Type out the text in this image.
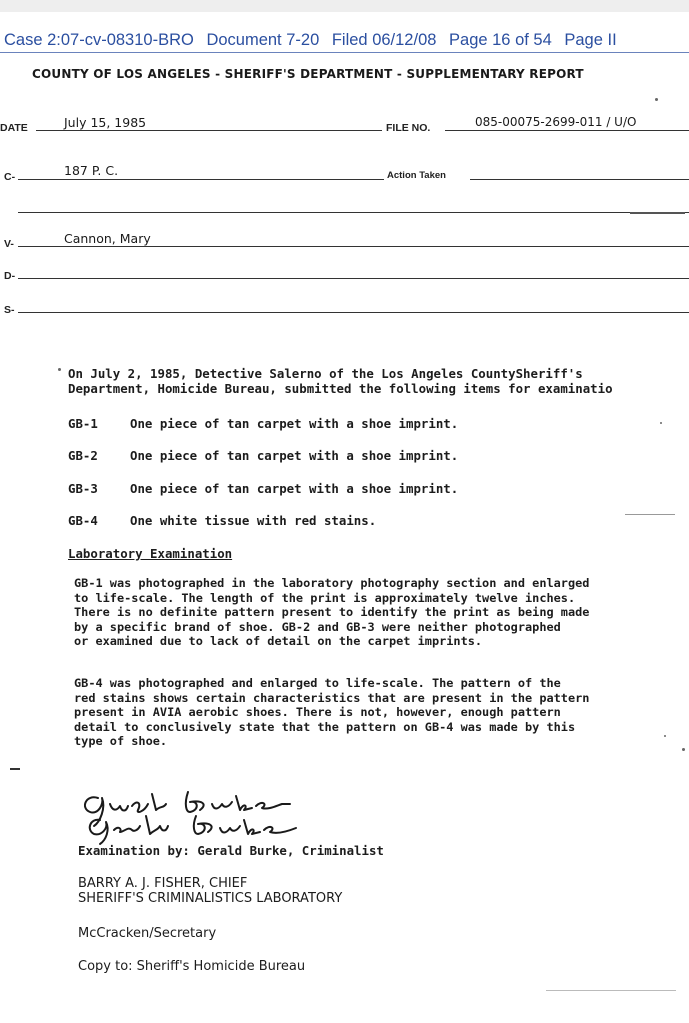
Case 2:07-cv-08310-BRO Document 7-20 Filed 06/12/08 Page 16 of 54 Page II
COUNTY OF LOS ANGELES - SHERIFF'S DEPARTMENT - SUPPLEMENTARY REPORT
DATE	July 15, 1985	FILE NO.	085-00075-2699-011 / U/O
C-	187 P. C.	Action Taken
V-	Cannon, Mary
D-
S-
On July 2, 1985, Detective Salerno of the Los Angeles CountySheriff's
Department, Homicide Bureau, submitted the following items for examinatio
GB-1	One piece of tan carpet with a shoe imprint.
GB-2	One piece of tan carpet with a shoe imprint.
GB-3	One piece of tan carpet with a shoe imprint.
GB-4	One white tissue with red stains.
Laboratory Examination
GB-1 was photographed in the laboratory photography section and enlarged
to life-scale. The length of the print is approximately twelve inches.
There is no definite pattern present to identify the print as being made
by a specific brand of shoe. GB-2 and GB-3 were neither photographed
or examined due to lack of detail on the carpet imprints.
GB-4 was photographed and enlarged to life-scale. The pattern of the
red stains shows certain characteristics that are present in the pattern
present in AVIA aerobic shoes. There is not, however, enough pattern
detail to conclusively state that the pattern on GB-4 was made by this
type of shoe.
Examination by: Gerald Burke, Criminalist
BARRY A. J. FISHER, CHIEF
SHERIFF'S CRIMINALISTICS LABORATORY
McCracken/Secretary
Copy to: Sheriff's Homicide Bureau
